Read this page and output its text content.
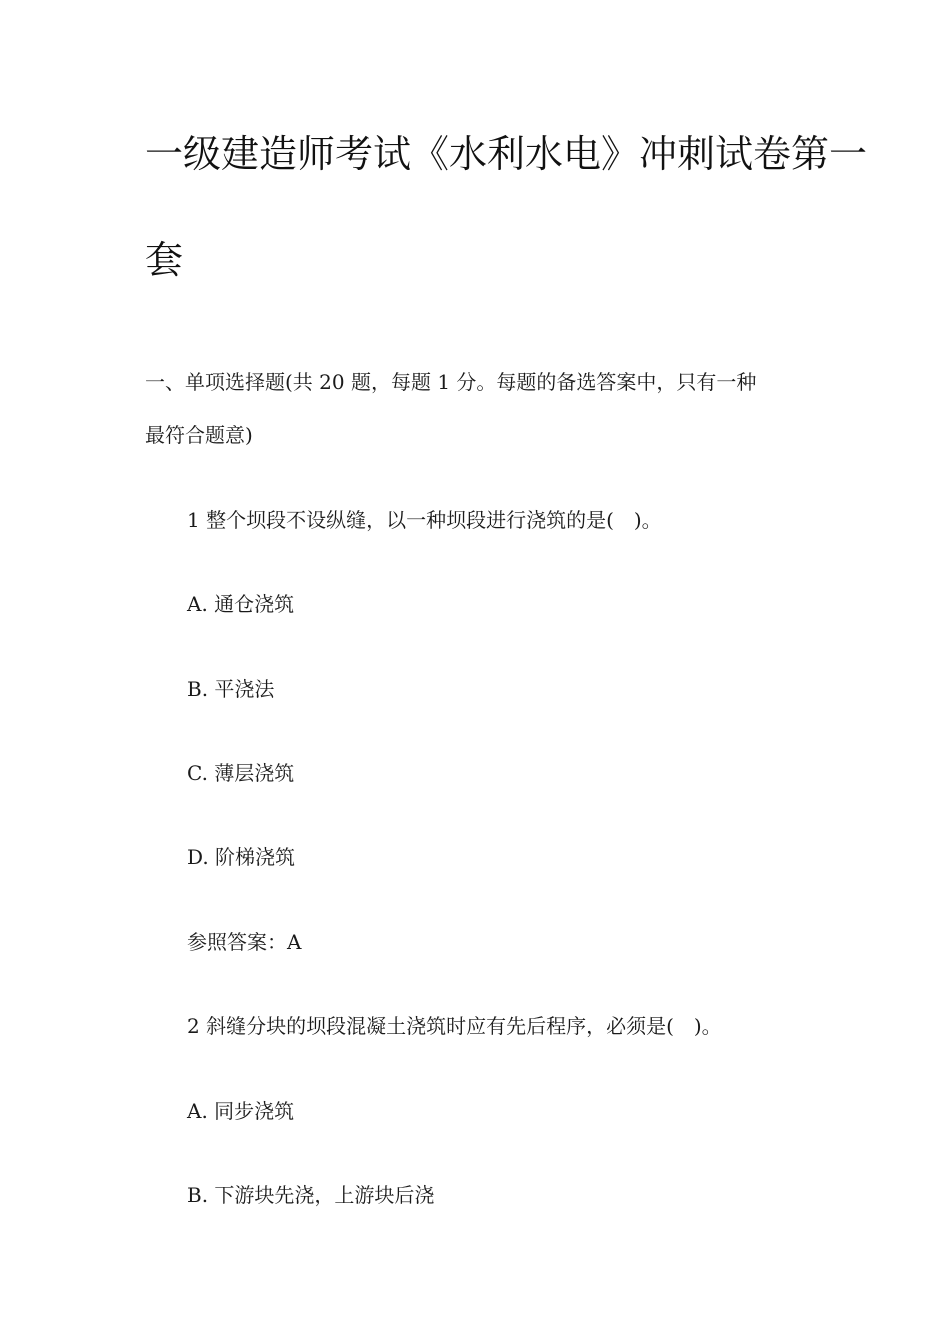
一级建造师考试《水利水电》冲刺试卷第一
套
一、单项选择题(共 20 题，每题 1 分。每题的备选答案中，只有一种
最符合题意)
1 整个坝段不设纵缝，以一种坝段进行浇筑的是(　)。
A. 通仓浇筑
B. 平浇法
C. 薄层浇筑
D. 阶梯浇筑
参照答案：A
2 斜缝分块的坝段混凝土浇筑时应有先后程序，必须是(　)。
A. 同步浇筑
B. 下游块先浇，上游块后浇
